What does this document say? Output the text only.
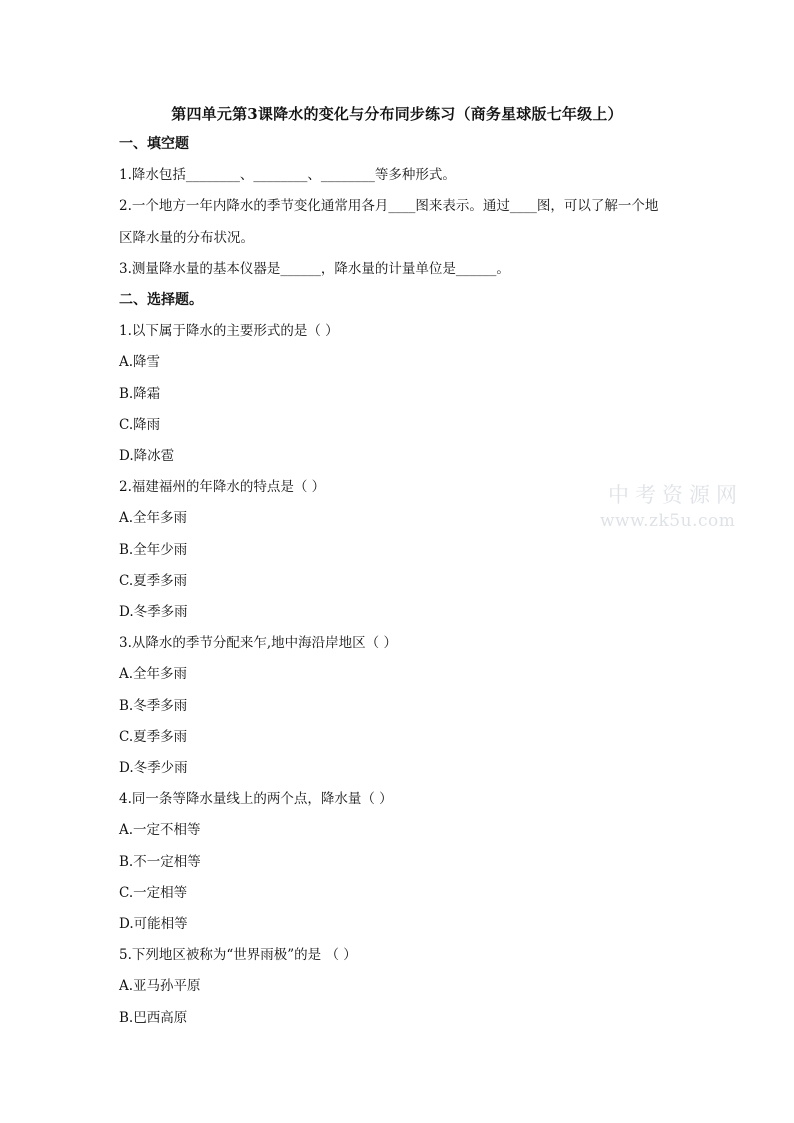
第四单元第3课降水的变化与分布同步练习（商务星球版七年级上）
一、填空题
1.降水包括________、________、________等多种形式。
2.一个地方一年内降水的季节变化通常用各月____图来表示。通过____图，可以了解一个地
区降水量的分布状况。
3.测量降水量的基本仪器是______，降水量的计量单位是______。
二、选择题。
1.以下属于降水的主要形式的是（ ）
A.降雪
B.降霜
C.降雨
D.降冰雹
2.福建福州的年降水的特点是（ ）
A.全年多雨
B.全年少雨
C.夏季多雨
D.冬季多雨
3.从降水的季节分配来乍,地中海沿岸地区（ ）
A.全年多雨
B.冬季多雨
C.夏季多雨
D.冬季少雨
4.同一条等降水量线上的两个点，降水量（ ）
A.一定不相等
B.不一定相等
C.一定相等
D.可能相等
5.下列地区被称为“世界雨极”的是 （ ）
A.亚马孙平原
B.巴西高原
中考资源网
www.zk5u.com
